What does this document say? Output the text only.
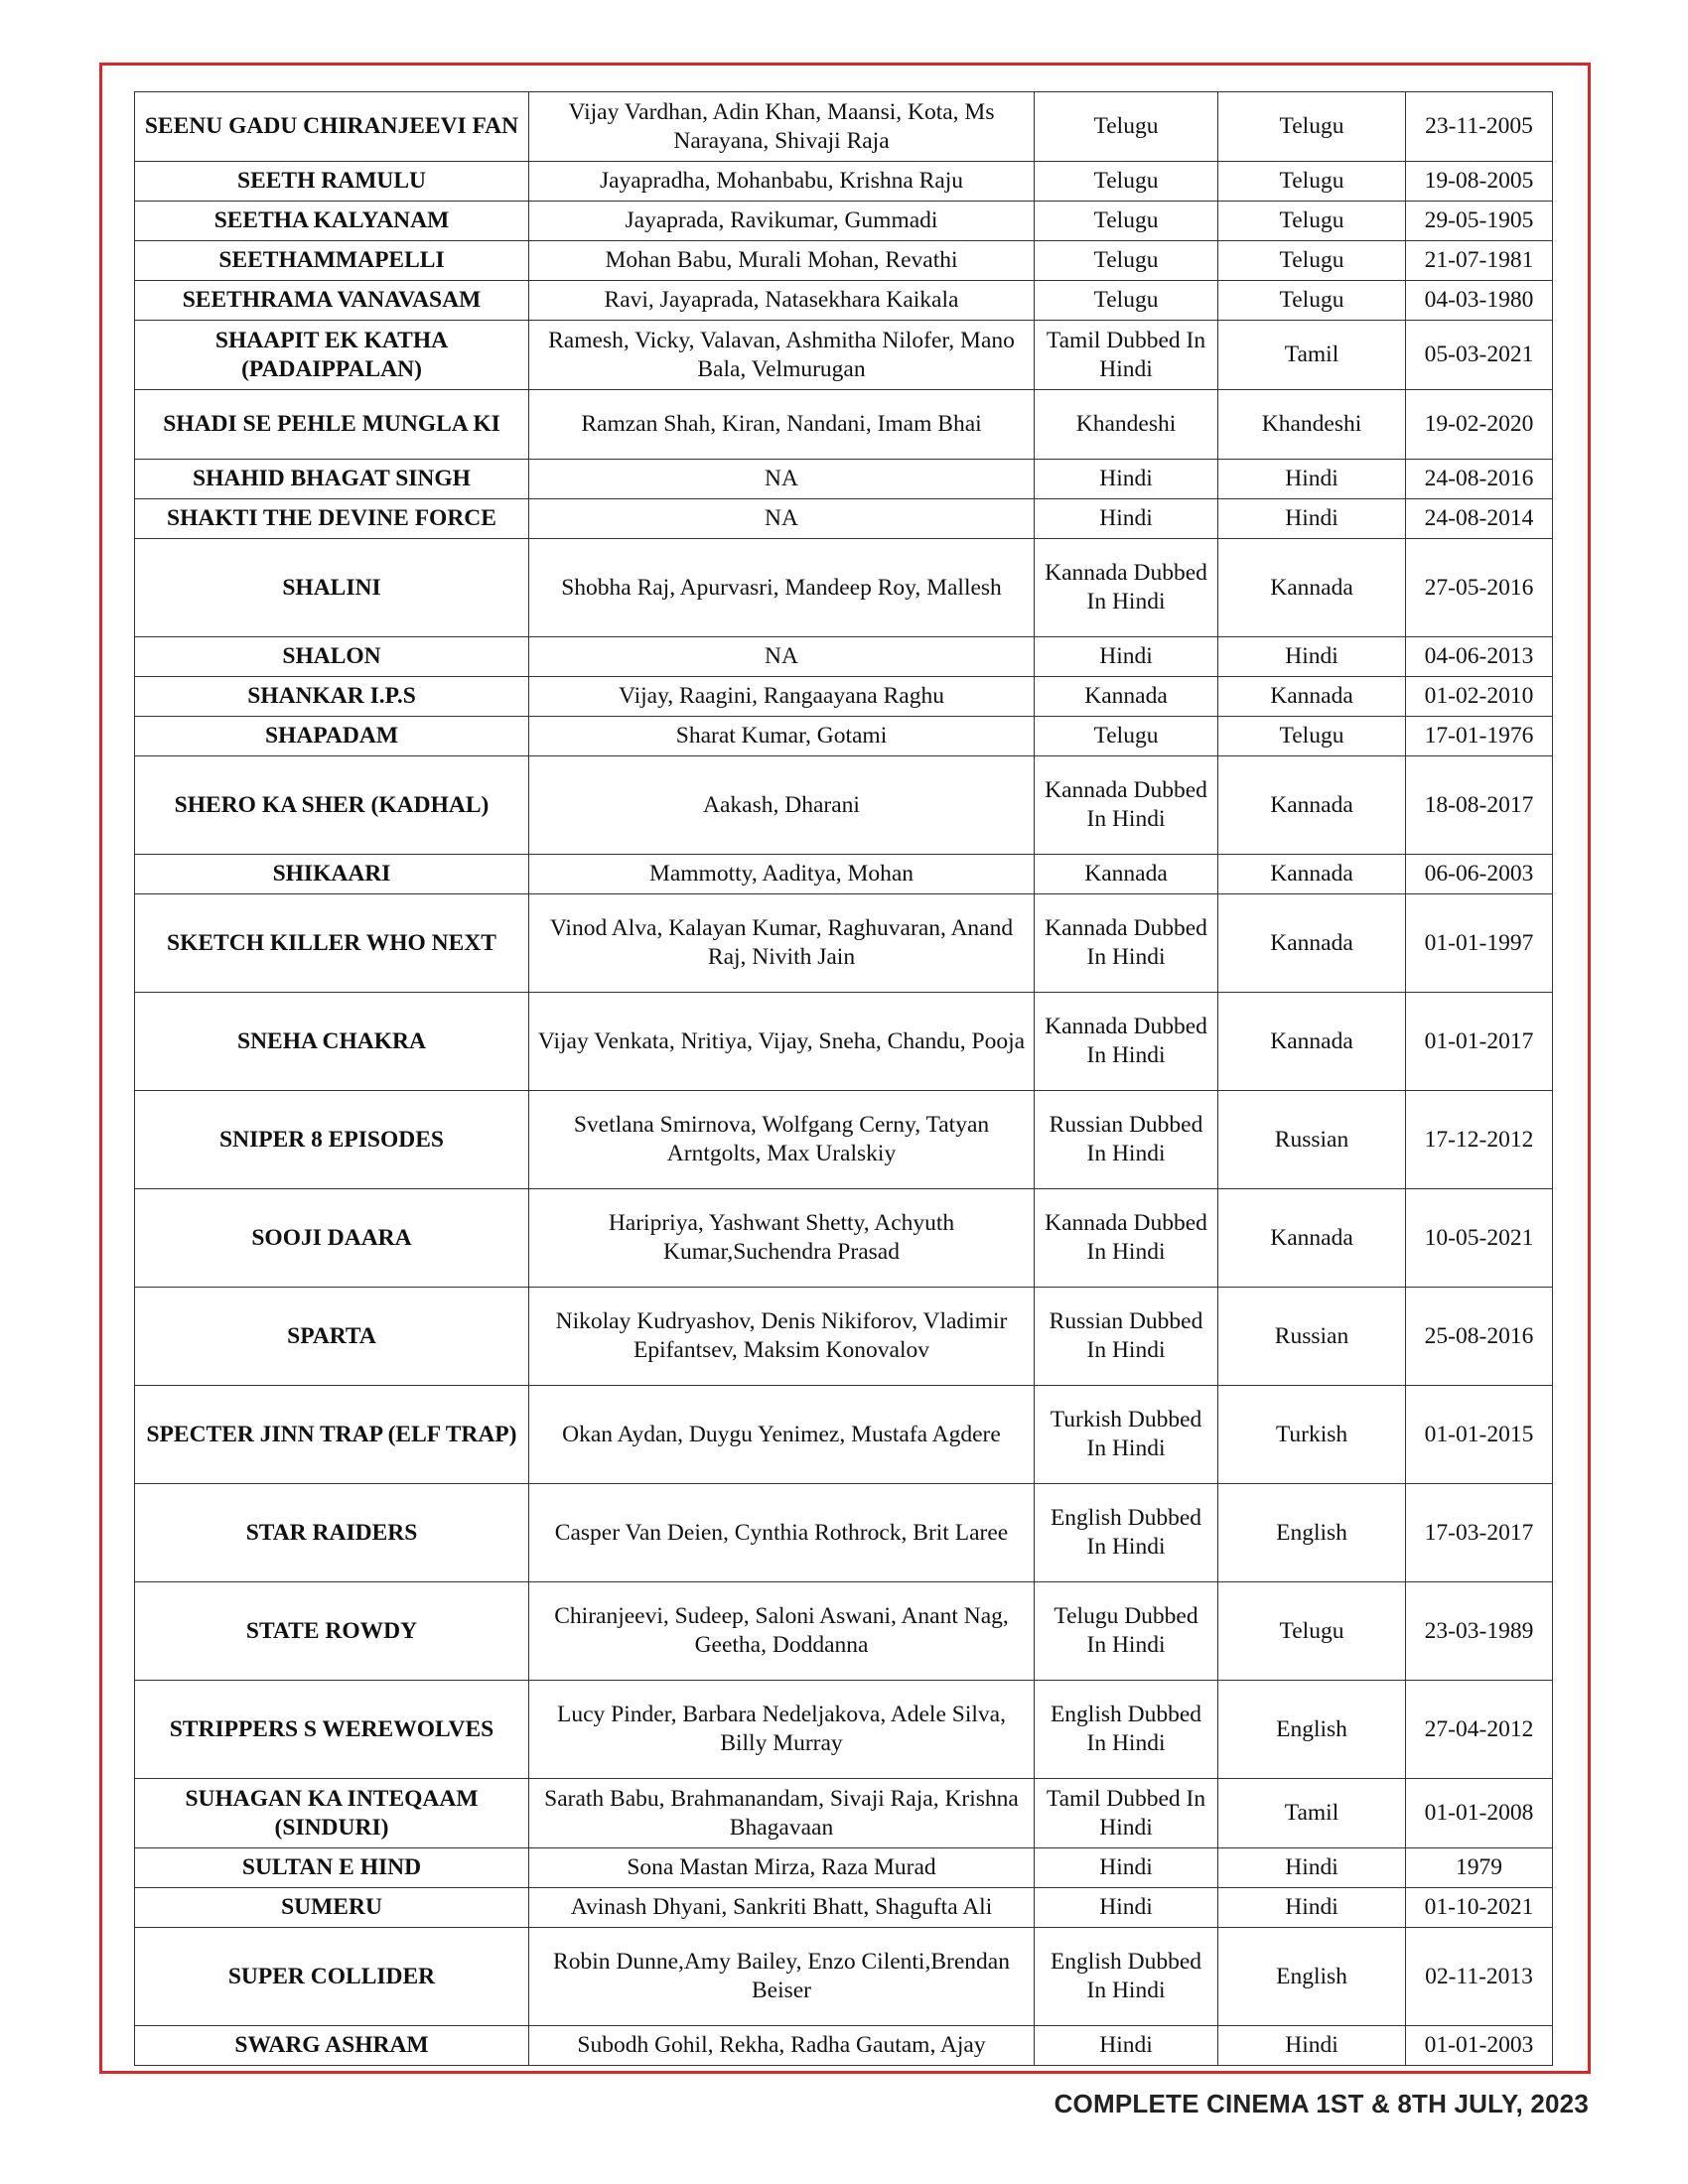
SEENU GADU CHIRANJEEVI FAN	Vijay Vardhan, Adin Khan, Maansi, Kota, Ms Narayana, Shivaji Raja	Telugu	Telugu	23-11-2005
SEETH RAMULU	Jayapradha, Mohanbabu, Krishna Raju	Telugu	Telugu	19-08-2005
SEETHA KALYANAM	Jayaprada, Ravikumar, Gummadi	Telugu	Telugu	29-05-1905
SEETHAMMAPELLI	Mohan Babu, Murali Mohan, Revathi	Telugu	Telugu	21-07-1981
SEETHRAMA VANAVASAM	Ravi, Jayaprada, Natasekhara Kaikala	Telugu	Telugu	04-03-1980
SHAAPIT EK KATHA (PADAIPPALAN)	Ramesh, Vicky, Valavan, Ashmitha Nilofer, Mano Bala, Velmurugan	Tamil Dubbed In Hindi	Tamil	05-03-2021
SHADI SE PEHLE MUNGLA KI	Ramzan Shah, Kiran, Nandani, Imam Bhai	Khandeshi	Khandeshi	19-02-2020
SHAHID BHAGAT SINGH	NA	Hindi	Hindi	24-08-2016
SHAKTI THE DEVINE FORCE	NA	Hindi	Hindi	24-08-2014
SHALINI	Shobha Raj, Apurvasri, Mandeep Roy, Mallesh	Kannada Dubbed In Hindi	Kannada	27-05-2016
SHALON	NA	Hindi	Hindi	04-06-2013
SHANKAR I.P.S	Vijay, Raagini, Rangaayana Raghu	Kannada	Kannada	01-02-2010
SHAPADAM	Sharat Kumar, Gotami	Telugu	Telugu	17-01-1976
SHERO KA SHER (KADHAL)	Aakash, Dharani	Kannada Dubbed In Hindi	Kannada	18-08-2017
SHIKAARI	Mammotty, Aaditya, Mohan	Kannada	Kannada	06-06-2003
SKETCH KILLER WHO NEXT	Vinod Alva, Kalayan Kumar, Raghuvaran, Anand Raj, Nivith Jain	Kannada Dubbed In Hindi	Kannada	01-01-1997
SNEHA CHAKRA	Vijay Venkata, Nritiya, Vijay, Sneha, Chandu, Pooja	Kannada Dubbed In Hindi	Kannada	01-01-2017
SNIPER 8 EPISODES	Svetlana Smirnova, Wolfgang Cerny, Tatyan Arntgolts, Max Uralskiy	Russian Dubbed In Hindi	Russian	17-12-2012
SOOJI DAARA	Haripriya, Yashwant Shetty, Achyuth Kumar,Suchendra Prasad	Kannada Dubbed In Hindi	Kannada	10-05-2021
SPARTA	Nikolay Kudryashov, Denis Nikiforov, Vladimir Epifantsev, Maksim Konovalov	Russian Dubbed In Hindi	Russian	25-08-2016
SPECTER JINN TRAP (ELF TRAP)	Okan Aydan, Duygu Yenimez, Mustafa Agdere	Turkish Dubbed In Hindi	Turkish	01-01-2015
STAR RAIDERS	Casper Van Deien, Cynthia Rothrock, Brit Laree	English Dubbed In Hindi	English	17-03-2017
STATE ROWDY	Chiranjeevi, Sudeep, Saloni Aswani, Anant Nag, Geetha, Doddanna	Telugu Dubbed In Hindi	Telugu	23-03-1989
STRIPPERS S WEREWOLVES	Lucy Pinder, Barbara Nedeljakova, Adele Silva, Billy Murray	English Dubbed In Hindi	English	27-04-2012
SUHAGAN KA INTEQAAM (SINDURI)	Sarath Babu, Brahmanandam, Sivaji Raja, Krishna Bhagavaan	Tamil Dubbed In Hindi	Tamil	01-01-2008
SULTAN E HIND	Sona Mastan Mirza, Raza Murad	Hindi	Hindi	1979
SUMERU	Avinash Dhyani, Sankriti Bhatt, Shagufta Ali	Hindi	Hindi	01-10-2021
SUPER COLLIDER	Robin Dunne,Amy Bailey, Enzo Cilenti,Brendan Beiser	English Dubbed In Hindi	English	02-11-2013
SWARG ASHRAM	Subodh Gohil, Rekha, Radha Gautam, Ajay	Hindi	Hindi	01-01-2003
COMPLETE CINEMA 1ST & 8TH JULY, 2023
